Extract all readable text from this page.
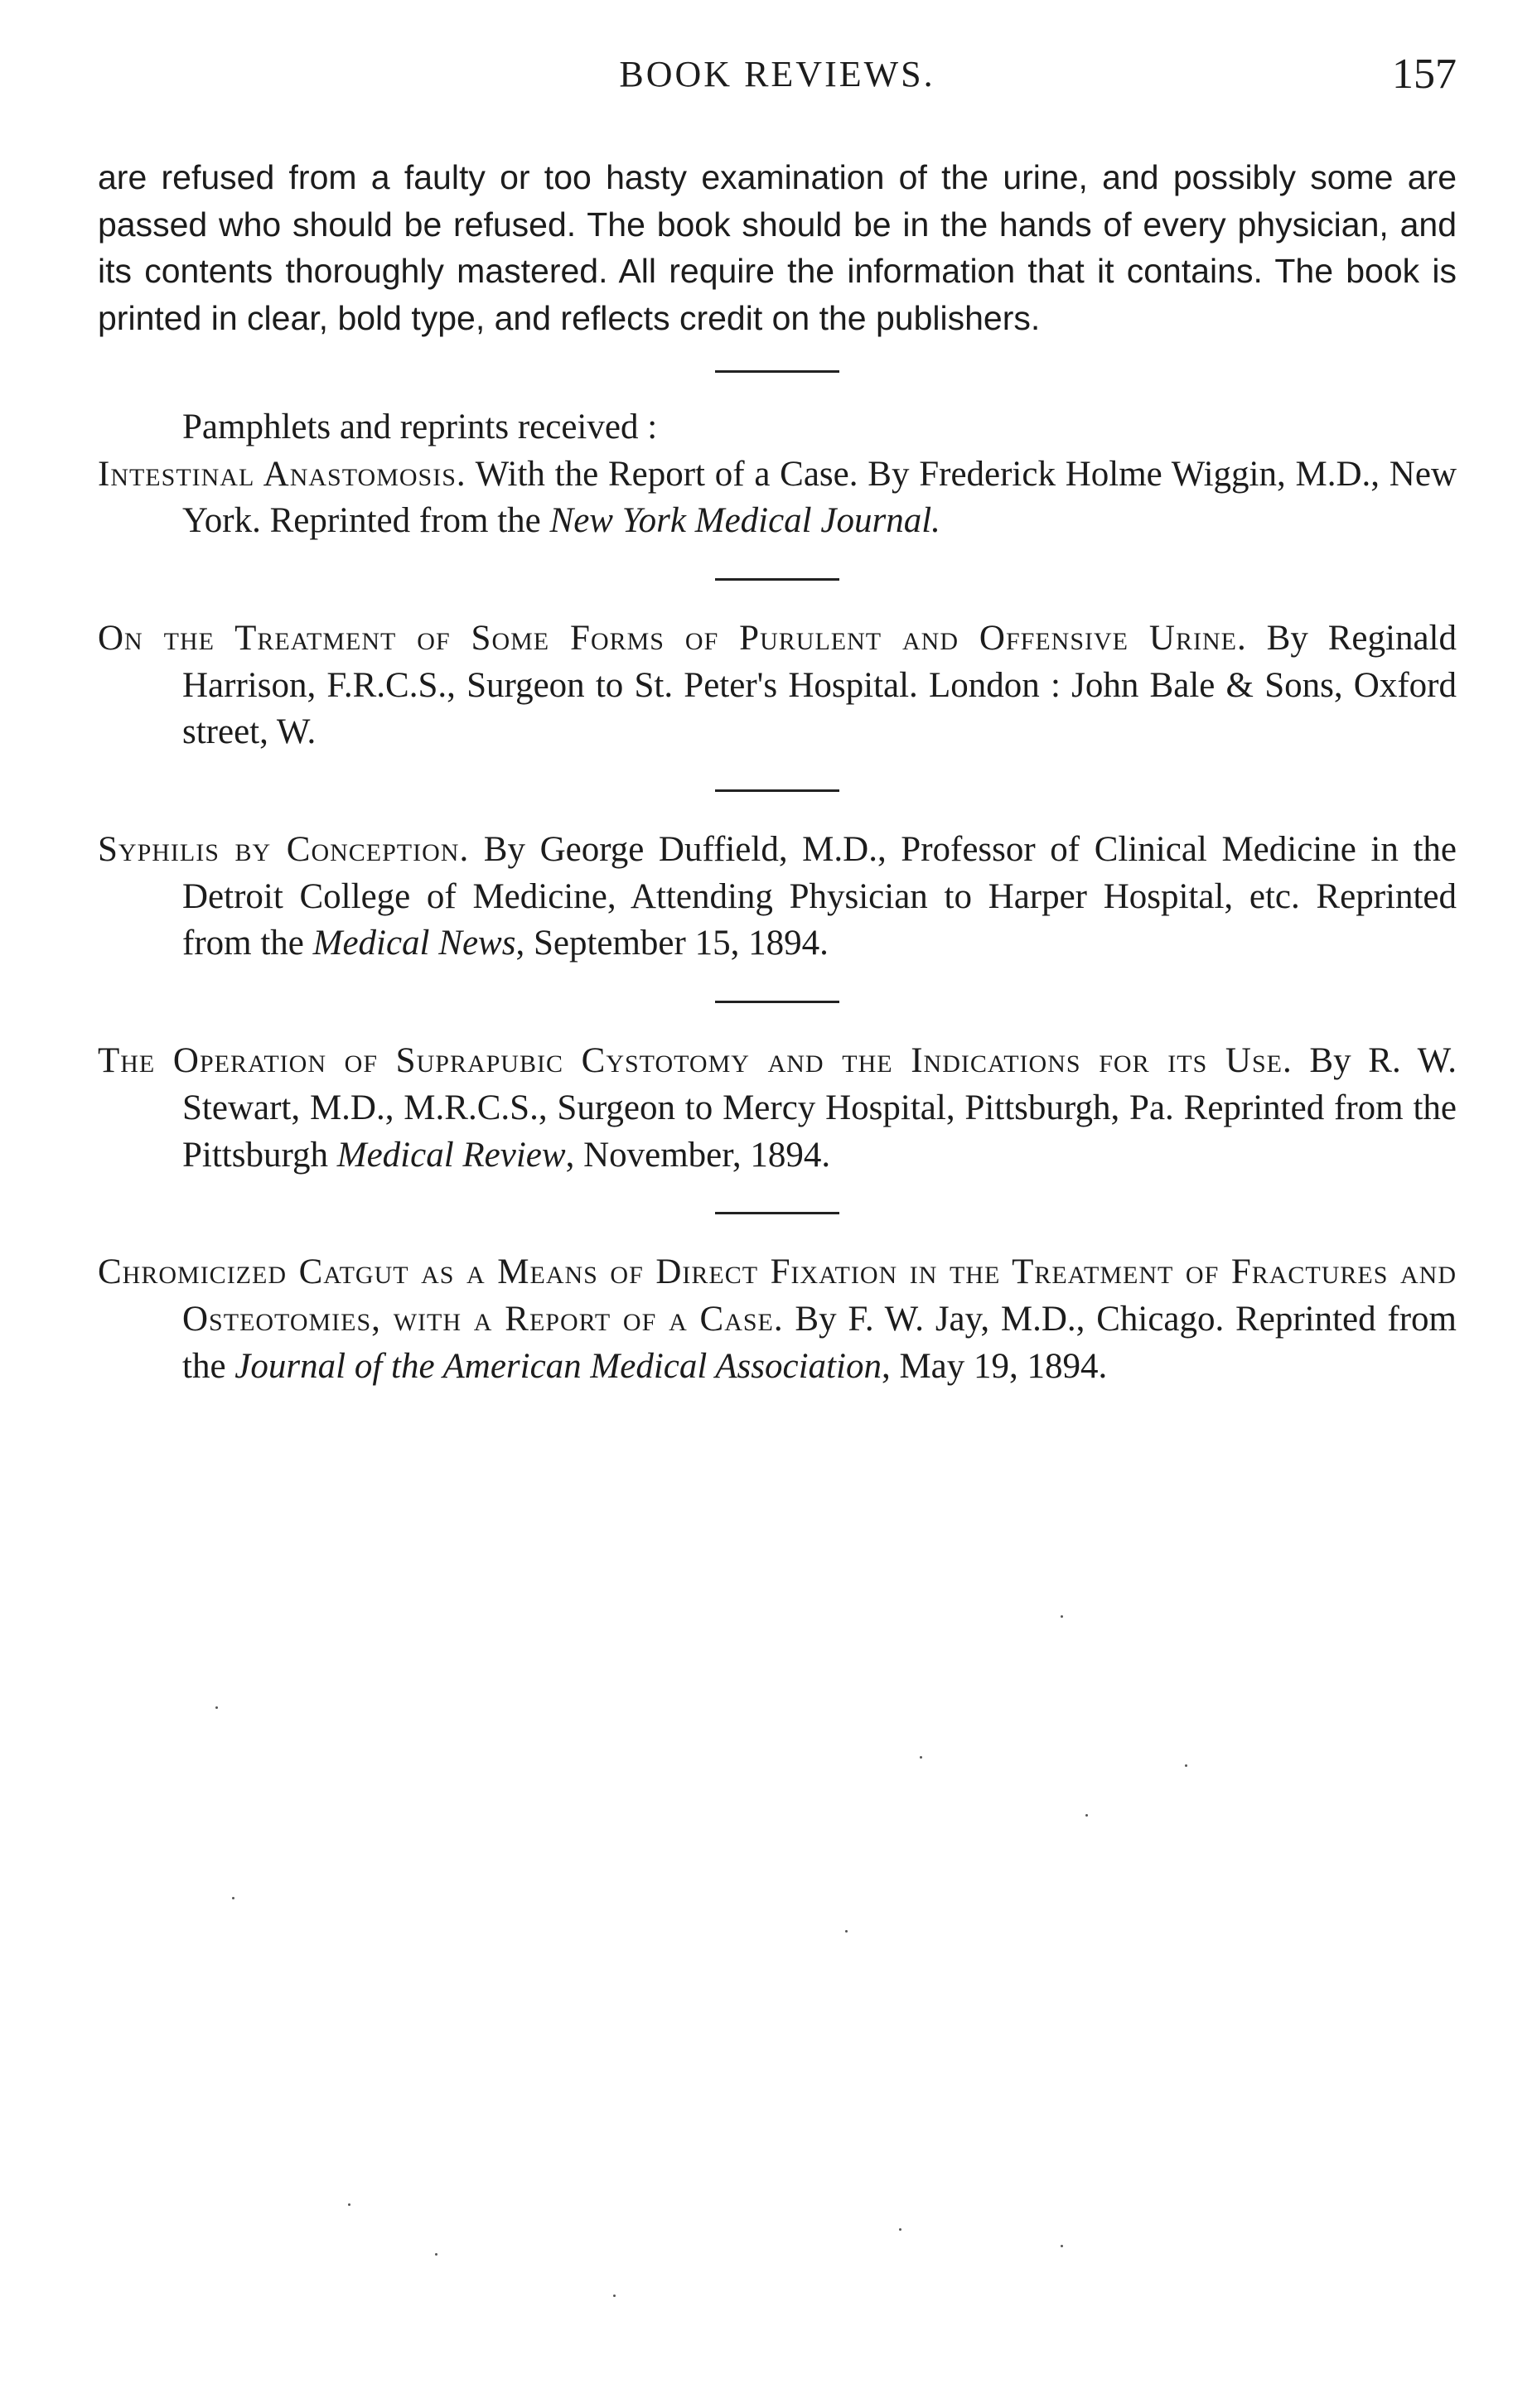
BOOK REVIEWS.	157

are refused from a faulty or too hasty examination of the urine, and possibly some are passed who should be refused. The book should be in the hands of every physician, and its contents thoroughly mastered. All require the information that it contains. The book is printed in clear, bold type, and reflects credit on the publishers.

Pamphlets and reprints received :

Intestinal Anastomosis. With the Report of a Case. By Frederick Holme Wiggin, M.D., New York. Reprinted from the New York Medical Journal.

On the Treatment of Some Forms of Purulent and Offensive Urine. By Reginald Harrison, F.R.C.S., Surgeon to St. Peter's Hospital. London : John Bale & Sons, Oxford street, W.

Syphilis by Conception. By George Duffield, M.D., Professor of Clinical Medicine in the Detroit College of Medicine, Attending Physician to Harper Hospital, etc. Reprinted from the Medical News, September 15, 1894.

The Operation of Suprapubic Cystotomy and the Indications for its Use. By R. W. Stewart, M.D., M.R.C.S., Surgeon to Mercy Hospital, Pittsburgh, Pa. Reprinted from the Pittsburgh Medical Review, November, 1894.

Chromicized Catgut as a Means of Direct Fixation in the Treatment of Fractures and Osteotomies, with a Report of a Case. By F. W. Jay, M.D., Chicago. Reprinted from the Journal of the American Medical Association, May 19, 1894.
